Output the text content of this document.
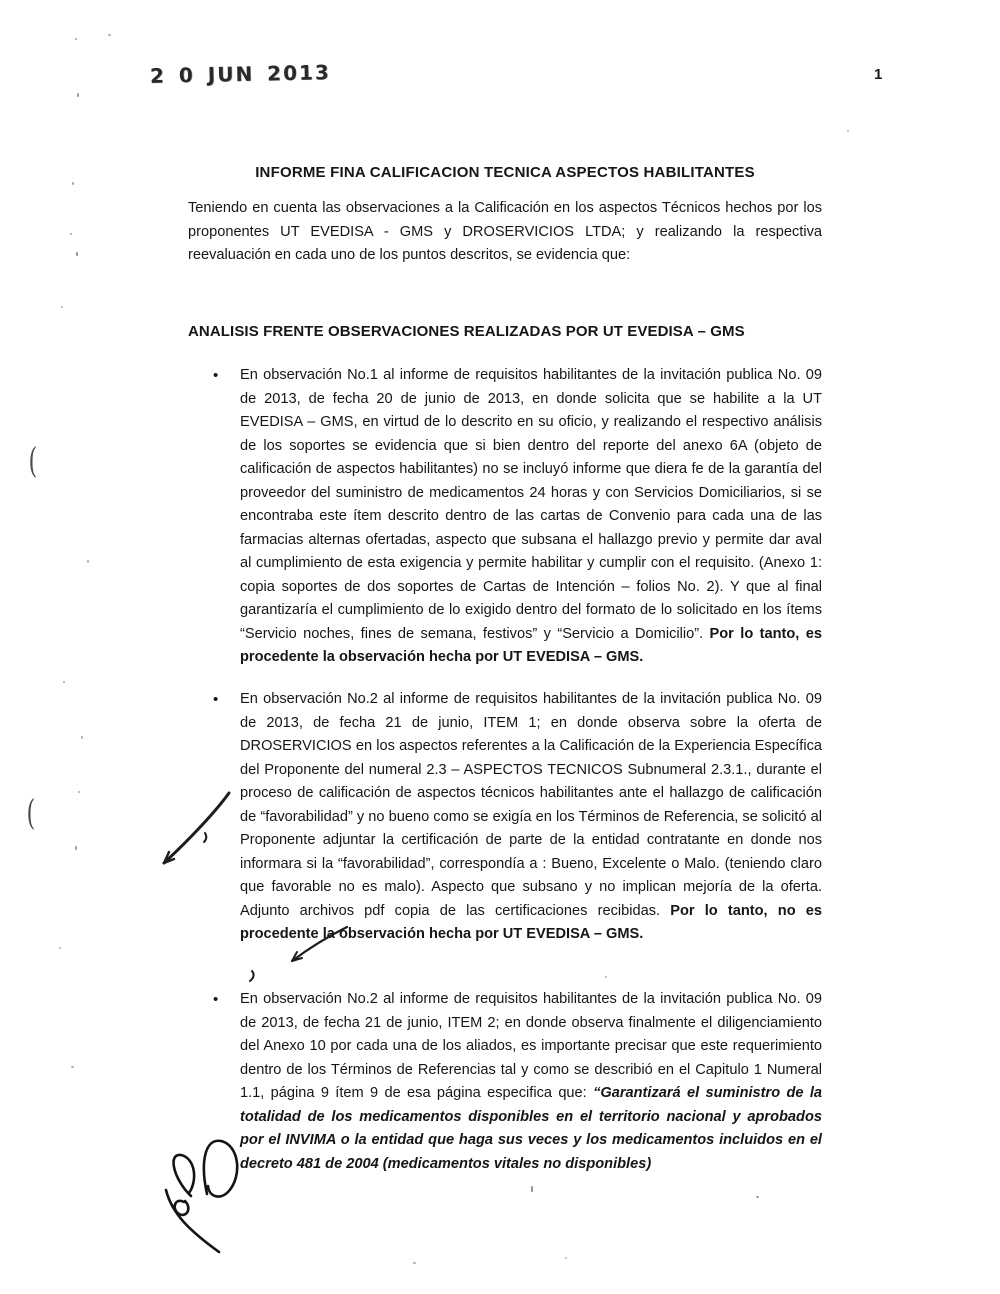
2 0 JUN 2013	1
INFORME FINA CALIFICACION TECNICA ASPECTOS HABILITANTES

Teniendo en cuenta las observaciones a la Calificación en los aspectos Técnicos hechos por los proponentes UT EVEDISA - GMS y DROSERVICIOS LTDA; y realizando la respectiva reevaluación en cada uno de los puntos descritos, se evidencia que:

ANALISIS FRENTE OBSERVACIONES REALIZADAS POR UT EVEDISA – GMS
• En observación No.1 al informe de requisitos habilitantes de la invitación publica No. 09 de 2013, de fecha 20 de junio de 2013, en donde solicita que se habilite a la UT EVEDISA – GMS, en virtud de lo descrito en su oficio, y realizando el respectivo análisis de los soportes se evidencia que si bien dentro del reporte del anexo 6A (objeto de calificación de aspectos habilitantes) no se incluyó informe que diera fe de la garantía del proveedor del suministro de medicamentos 24 horas y con Servicios Domiciliarios, si se encontraba este ítem descrito dentro de las cartas de Convenio para cada una de las farmacias alternas ofertadas, aspecto que subsana el hallazgo previo y permite dar aval al cumplimiento de esta exigencia y permite habilitar y cumplir con el requisito. (Anexo 1: copia soportes de dos soportes de Cartas de Intención – folios No. 2). Y que al final garantizaría el cumplimiento de lo exigido dentro del formato de lo solicitado en los ítems “Servicio noches, fines de semana, festivos” y “Servicio a Domicilio”. Por lo tanto, es procedente la observación hecha por UT EVEDISA – GMS.
• En observación No.2 al informe de requisitos habilitantes de la invitación publica No. 09 de 2013, de fecha 21 de junio, ITEM 1; en donde observa sobre la oferta de DROSERVICIOS en los aspectos referentes a la Calificación de la Experiencia Específica del Proponente del numeral 2.3 – ASPECTOS TECNICOS Subnumeral 2.3.1., durante el proceso de calificación de aspectos técnicos habilitantes ante el hallazgo de calificación de “favorabilidad” y no bueno como se exigía en los Términos de Referencia, se solicitó al Proponente adjuntar la certificación de parte de la entidad contratante en donde nos informara si la “favorabilidad”, correspondía a : Bueno, Excelente o Malo. (teniendo claro que favorable no es malo). Aspecto que subsano y no implican mejoría de la oferta. Adjunto archivos pdf copia de las certificaciones recibidas. Por lo tanto, no es procedente la observación hecha por UT EVEDISA – GMS.
• En observación No.2 al informe de requisitos habilitantes de la invitación publica No. 09 de 2013, de fecha 21 de junio, ITEM 2; en donde observa finalmente el diligenciamiento del Anexo 10 por cada una de los aliados, es importante precisar que este requerimiento dentro de los Términos de Referencias tal y como se describió en el Capitulo 1 Numeral 1.1, página 9 ítem 9 de esa página especifica que: “Garantizará el suministro de la totalidad de los medicamentos disponibles en el territorio nacional y aprobados por el INVIMA o la entidad que haga sus veces y los medicamentos incluidos en el decreto 481 de 2004 (medicamentos vitales no disponibles)
(
(
